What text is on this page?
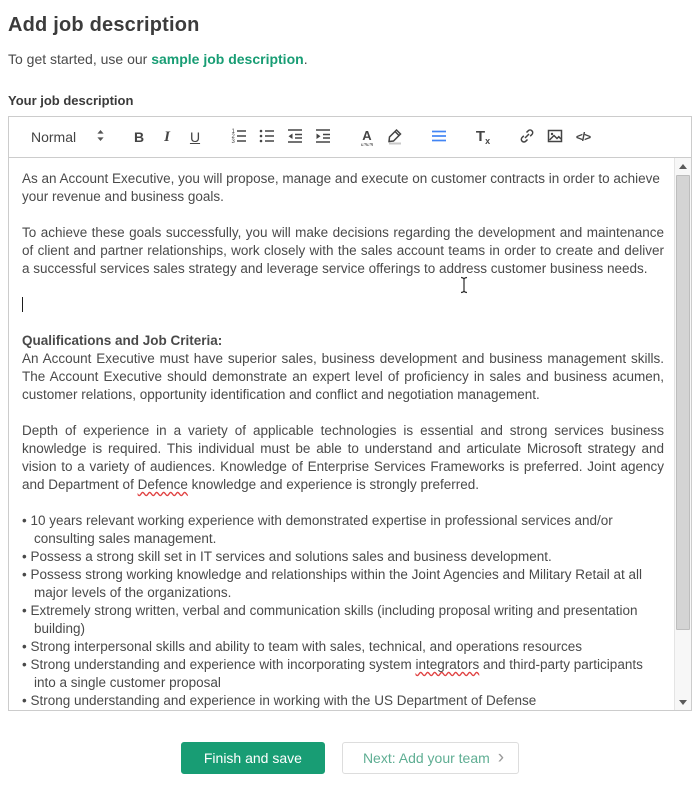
Add job description

To get started, use our sample job description.

Your job description
Normal	B	I	U	1
2
3	A	$T_x$	</>
As an Account Executive, you will propose, manage and execute on customer contracts in order to achieve your revenue and business goals.
To achieve these goals successfully, you will make decisions regarding the development and maintenance of client and partner relationships, work closely with the sales account teams in order to create and deliver a successful services sales strategy and leverage service offerings to address customer business needs.
Qualifications and Job Criteria:
An Account Executive must have superior sales, business development and business management skills. The Account Executive should demonstrate an expert level of proficiency in sales and business acumen, customer relations, opportunity identification and conflict and negotiation management.
Depth of experience in a variety of applicable technologies is essential and strong services business knowledge is required. This individual must be able to understand and articulate Microsoft strategy and vision to a variety of audiences. Knowledge of Enterprise Services Frameworks is preferred. Joint agency and Department of Defence knowledge and experience is strongly preferred.
• 10 years relevant working experience with demonstrated expertise in professional services and/or consulting sales management.
• Possess a strong skill set in IT services and solutions sales and business development.
• Possess strong working knowledge and relationships within the Joint Agencies and Military Retail at all major levels of the organizations.
• Extremely strong written, verbal and communication skills (including proposal writing and presentation building)
• Strong interpersonal skills and ability to team with sales, technical, and operations resources
• Strong understanding and experience with incorporating system integrators and third-party participants into a single customer proposal
• Strong understanding and experience in working with the US Department of Defense
Finish and save	Next: Add your team ›
